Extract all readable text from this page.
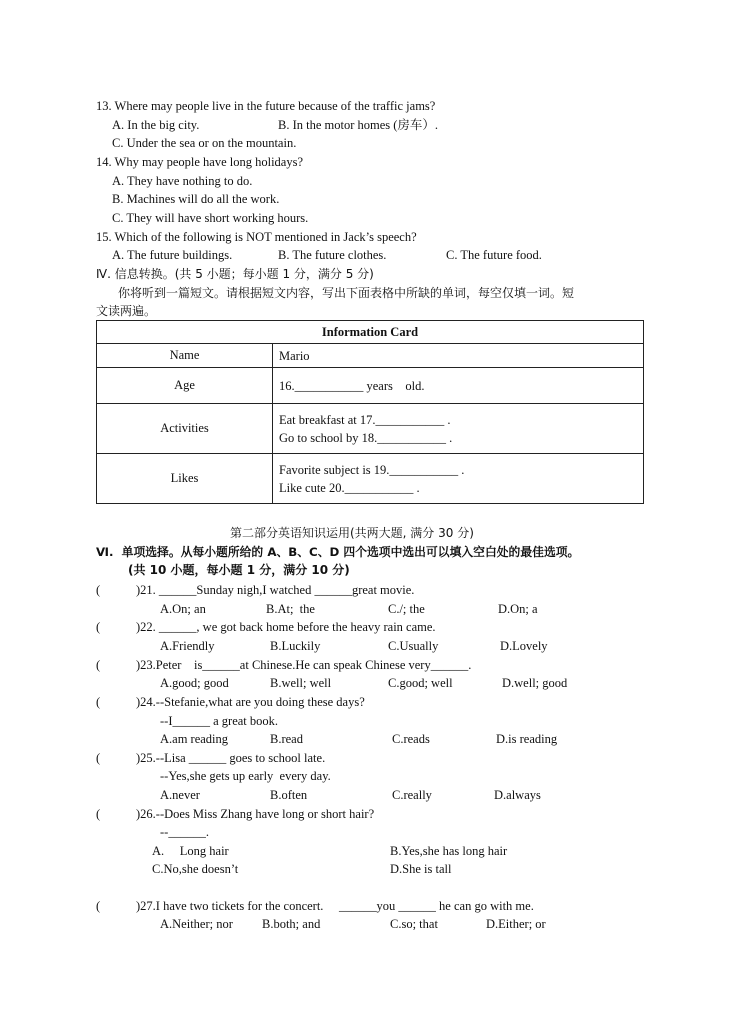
13. Where may people live in the future because of the traffic jams?
A. In the big city.	B. In the motor homes (房车）.
C. Under the sea or on the mountain.
14. Why may people have long holidays?
A. They have nothing to do.
B. Machines will do all the work.
C. They will have short working hours.
15. Which of the following is NOT mentioned in Jack’s speech?
A. The future buildings.	B. The future clothes.	C. The future food.
Ⅳ. 信息转换。(共 5 小题；每小题 1 分，满分 5 分)
你将听到一篇短文。请根据短文内容，写出下面表格中所缺的单词，每空仅填一词。短
文读两遍。
Information Card	
Name	Mario

Age	16.___________ years    old.

Activities	Eat breakfast at 17.___________ .
Go to school by 18.___________ .

Likes	Favorite subject is 19.___________ .
Like cute 20.___________ .
第二部分英语知识运用(共两大题, 满分 30 分)
Ⅵ.  单项选择。从每小题所给的 A、B、C、D 四个选项中选出可以填入空白处的最佳选项。
(共 10 小题，每小题 1 分，满分 10 分)
(	)21. ______Sunday nigh,I watched ______great movie.
A.On; an	B.At;  the	C./; the	D.On; a
(	)22. ______, we got back home before the heavy rain came.
A.Friendly	B.Luckily	C.Usually	D.Lovely
(	)23.Peter    is______at Chinese.He can speak Chinese very______.
A.good; good	B.well; well	C.good; well	D.well; good
(	)24.--Stefanie,what are you doing these days?
--I______ a great book.
A.am reading	B.read	C.reads	D.is reading
(	)25.--Lisa ______ goes to school late.
--Yes,she gets up early  every day.
A.never	B.often	C.really	D.always
(	)26.--Does Miss Zhang have long or short hair?
--______.
A.     Long hair	B.Yes,she has long hair
C.No,she doesn’t	D.She is tall
(	)27.I have two tickets for the concert.     ______you ______ he can go with me.
A.Neither; nor B.both; and	C.so; that	D.Either; or
